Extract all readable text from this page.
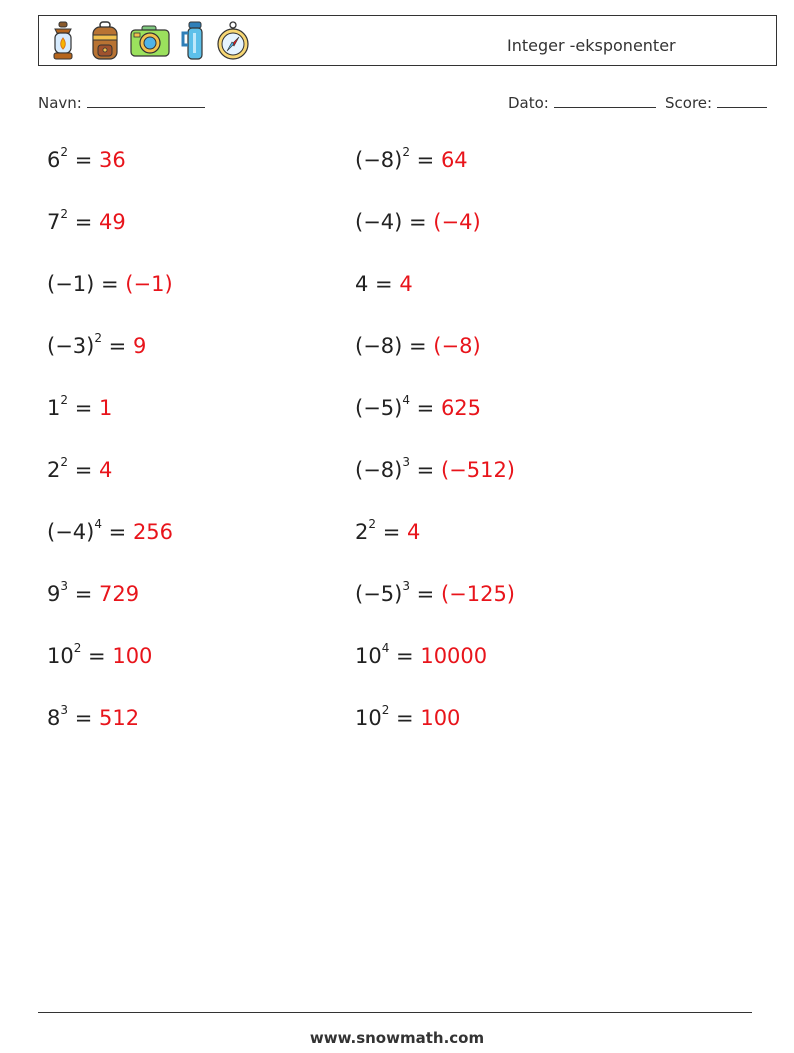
Integer -eksponenter
Navn:	Dato:	Score:
$6^2 = 36$	$(-8)^2 = 64$
$7^2 = 49$	(−4) = (−4)
(−1) = (−1)	4 = 4
$(-3)^2 = 9$	(−8) = (−8)
$1^2 = 1$	$(-5)^4 = 625$
$2^2 = 4$	$(-8)^3 = (-512)$
$(-4)^4 = 256$	$2^2 = 4$
$9^3 = 729$	$(-5)^3 = (-125)$
$10^2 = 100$	$10^4 = 10000$
$8^3 = 512$	$10^2 = 100$
www.snowmath.com
